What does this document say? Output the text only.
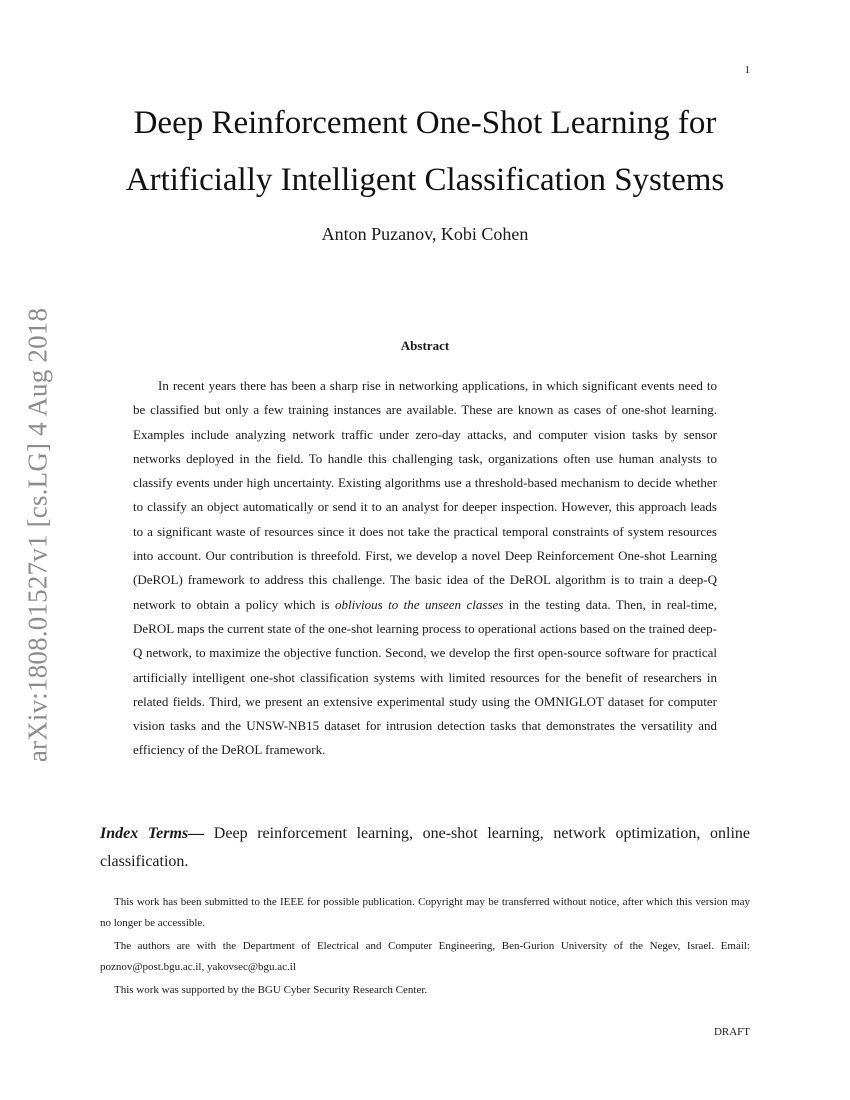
1
arXiv:1808.01527v1 [cs.LG] 4 Aug 2018
Deep Reinforcement One-Shot Learning for
Artificially Intelligent Classification Systems
Anton Puzanov, Kobi Cohen
Abstract

In recent years there has been a sharp rise in networking applications, in which significant events need to be classified but only a few training instances are available. These are known as cases of one-shot learning. Examples include analyzing network traffic under zero-day attacks, and computer vision tasks by sensor networks deployed in the field. To handle this challenging task, organizations often use human analysts to classify events under high uncertainty. Existing algorithms use a threshold-based mechanism to decide whether to classify an object automatically or send it to an analyst for deeper inspection. However, this approach leads to a significant waste of resources since it does not take the practical temporal constraints of system resources into account. Our contribution is threefold. First, we develop a novel Deep Reinforcement One-shot Learning (DeROL) framework to address this challenge. The basic idea of the DeROL algorithm is to train a deep-Q network to obtain a policy which is oblivious to the unseen classes in the testing data. Then, in real-time, DeROL maps the current state of the one-shot learning process to operational actions based on the trained deep-Q network, to maximize the objective function. Second, we develop the first open-source software for practical artificially intelligent one-shot classification systems with limited resources for the benefit of researchers in related fields. Third, we present an extensive experimental study using the OMNIGLOT dataset for computer vision tasks and the UNSW-NB15 dataset for intrusion detection tasks that demonstrates the versatility and efficiency of the DeROL framework.

Index Terms— Deep reinforcement learning, one-shot learning, network optimization, online classification.

This work has been submitted to the IEEE for possible publication. Copyright may be transferred without notice, after which this version may no longer be accessible.

The authors are with the Department of Electrical and Computer Engineering, Ben-Gurion University of the Negev, Israel. Email: poznov@post.bgu.ac.il, yakovsec@bgu.ac.il

This work was supported by the BGU Cyber Security Research Center.

DRAFT
